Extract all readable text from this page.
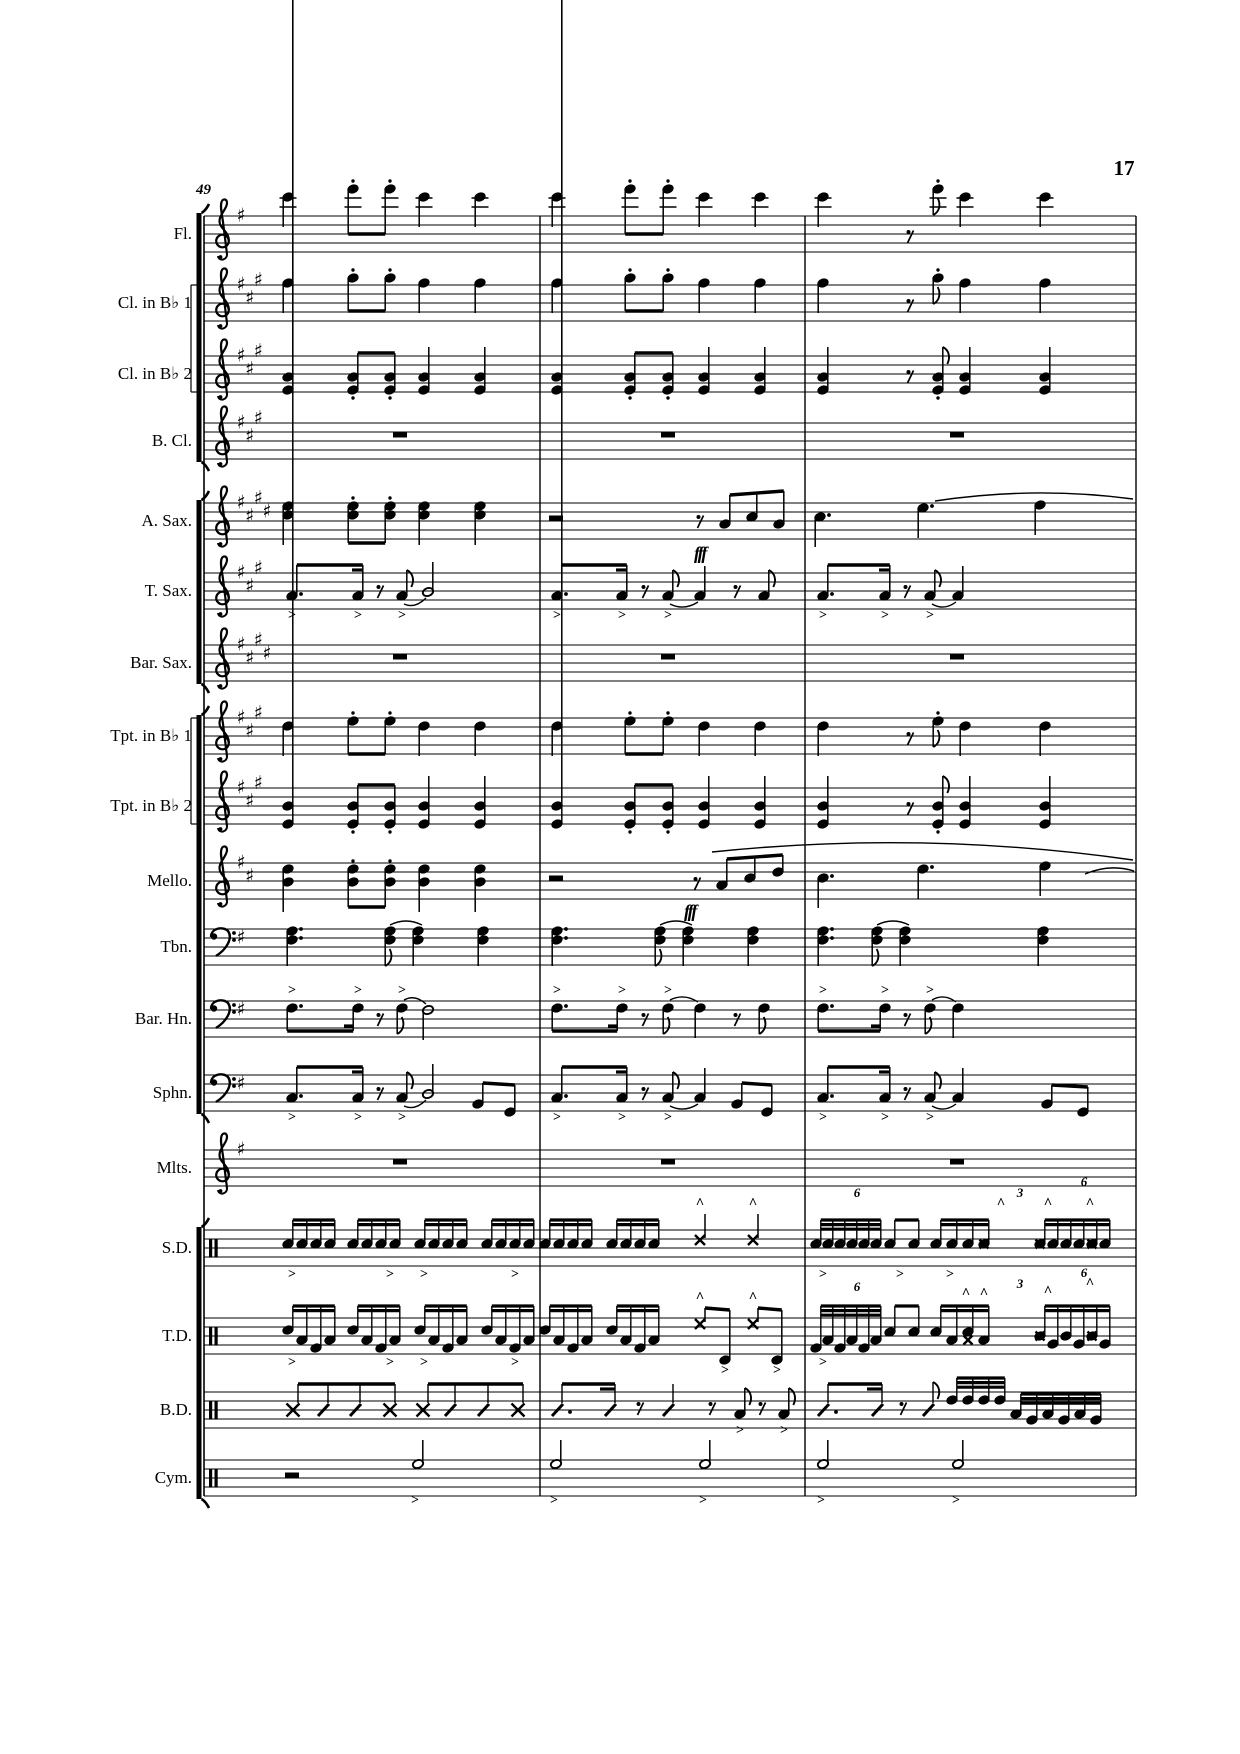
17
49
♯
♯
♯
♯
♯
♯
♯
♯
♯
♯
♯
♯
♯
♯
♯
♯
♯
>	>	>	>	>	>	>	>	>
♯
♯
♯
♯
♯
♯
♯
♯
♯
♯
♯
♯
♯
♯
>	>	>	>	>	>	>	>	>
♯
>	>	>	>	>	>	>	>	>
♯
>	> >	>
^	^	^	^ ^
>	>	>
>	> >	>
^
>
^
>
^ ^	^ ^
>
>	>
>	>	>	>	>
Fl.
Cl. in B♭ 1
Cl. in B♭ 2
B. Cl.
A. Sax.
T. Sax.
Bar. Sax.
Tpt. in B♭ 1
Tpt. in B♭ 2
Mello.
Tbn.
Bar. Hn.
Sphn.
Mlts.
S.D.
T.D.
B.D.
Cym.
fff
fff
6	3
6
6	3
6
